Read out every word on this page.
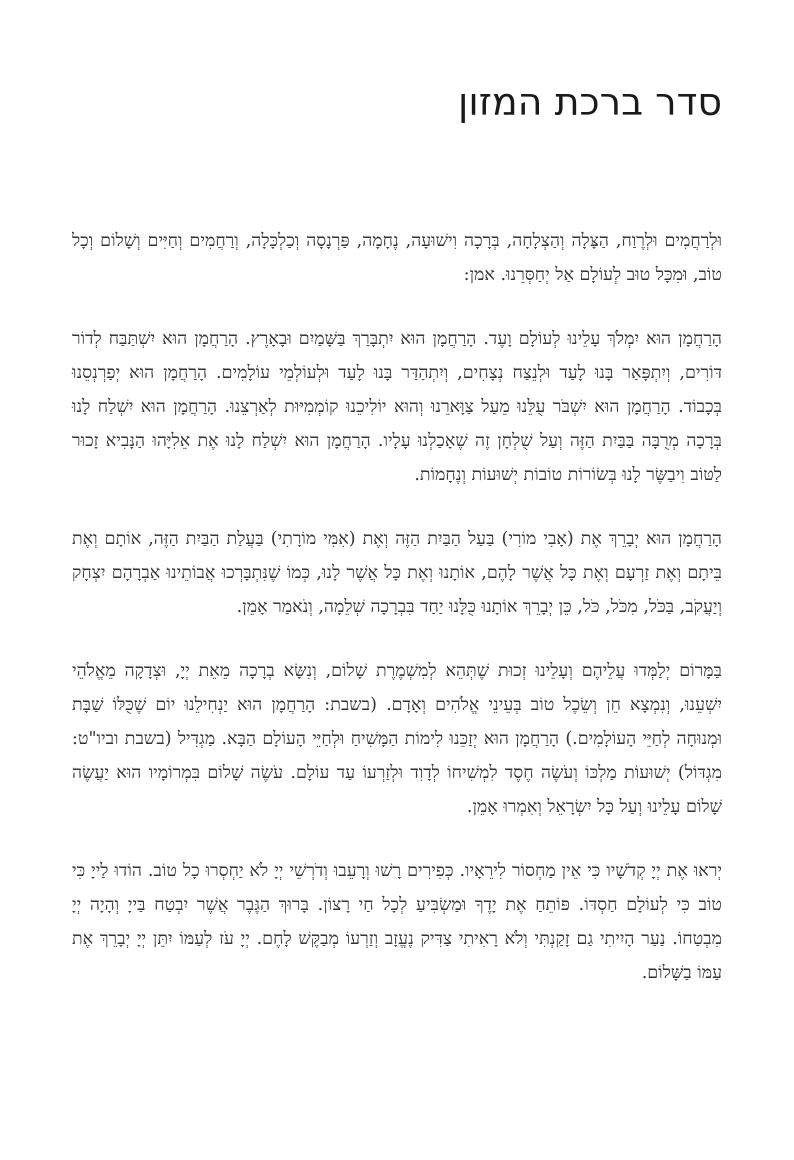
סדר ברכת המזון

וּלְרַחֲמִים וּלְרֶוַח, הַצָּלָה וְהַצְלָחָה, בְּרָכָה וִישׁוּעָה, נֶחָמָה, פַּרְנָסָה וְכַלְכָּלָה, וְרַחֲמִים וְחַיִּים וְשָׁלוֹם וְכָל טוֹב, וּמִכָּל טוּב לְעוֹלָם אַל יְחַסְּרֵנוּ. אמן:

הָרַחֲמָן הוּא יִמְלֹךְ עָלֵינוּ לְעוֹלָם וָעֶד. הָרַחֲמָן הוּא יִתְבָּרַךְ בַּשָּׁמַיִם וּבָאָרֶץ. הָרַחֲמָן הוּא יִשְׁתַּבַּח לְדוֹר דּוֹרִים, וְיִתְפָּאַר בָּנוּ לָעַד וּלְנֵצַח נְצָחִים, וְיִתְהַדַּר בָּנוּ לָעַד וּלְעוֹלְמֵי עוֹלָמִים. הָרַחֲמָן הוּא יְפַרְנְסֵנוּ בְּכָבוֹד. הָרַחֲמָן הוּא יִשְׁבֹּר עֻלֵּנוּ מֵעַל צַוָּארֵנוּ וְהוּא יוֹלִיכֵנוּ קוֹמְמִיּוּת לְאַרְצֵנוּ. הָרַחֲמָן הוּא יִשְׁלַח לָנוּ בְּרָכָה מְרֻבָּה בַּבַּיִת הַזֶּה וְעַל שֻׁלְחָן זֶה שֶׁאָכַלְנוּ עָלָיו. הָרַחֲמָן הוּא יִשְׁלַח לָנוּ אֶת אֵלִיָּהוּ הַנָּבִיא זָכוּר לַטּוֹב וִיבַשֶּׂר לָנוּ בְּשׂוֹרוֹת טוֹבוֹת יְשׁוּעוֹת וְנֶחָמוֹת.

הָרַחֲמָן הוּא יְבָרֵךְ אֶת (אָבִי מוֹרִי) בַּעַל הַבַּיִת הַזֶּה וְאֶת (אִמִּי מוֹרָתִי) בַּעֲלַת הַבַּיִת הַזֶּה, אוֹתָם וְאֶת בֵּיתָם וְאֶת זַרְעָם וְאֶת כָּל אֲשֶׁר לָהֶם, אוֹתָנוּ וְאֶת כָּל אֲשֶׁר לָנוּ, כְּמוֹ שֶׁנִּתְבָּרְכוּ אֲבוֹתֵינוּ אַבְרָהָם יִצְחָק וְיַעֲקֹב, בַּכֹּל, מִכֹּל, כֹּל, כֵּן יְבָרֵךְ אוֹתָנוּ כֻּלָּנוּ יַחַד בִּבְרָכָה שְׁלֵמָה, וְנֹאמַר אָמֵן.

בַּמָּרוֹם יְלַמְּדוּ עֲלֵיהֶם וְעָלֵינוּ זְכוּת שֶׁתְּהֵא לְמִשְׁמֶרֶת שָׁלוֹם, וְנִשָּׂא בְרָכָה מֵאֵת יְיָ, וּצְדָקָה מֵאֱלֹהֵי יִשְׁעֵנוּ, וְנִמְצָא חֵן וְשֵׂכֶל טוֹב בְּעֵינֵי אֱלֹהִים וְאָדָם. (בשבת: הָרַחֲמָן הוּא יַנְחִילֵנוּ יוֹם שֶׁכֻּלּוֹ שַׁבָּת וּמְנוּחָה לְחַיֵּי הָעוֹלָמִים.) הָרַחֲמָן הוּא יְזַכֵּנוּ לִימוֹת הַמָּשִׁיחַ וּלְחַיֵּי הָעוֹלָם הַבָּא. מַגְדִּיל (בשבת וביו"ט: מִגְדּוֹל) יְשׁוּעוֹת מַלְכּוֹ וְעֹשֶׂה חֶסֶד לִמְשִׁיחוֹ לְדָוִד וּלְזַרְעוֹ עַד עוֹלָם. עֹשֶׂה שָׁלוֹם בִּמְרוֹמָיו הוּא יַעֲשֶׂה שָׁלוֹם עָלֵינוּ וְעַל כָּל יִשְׂרָאֵל וְאִמְרוּ אָמֵן.

יְראוּ אֶת יְיָ קְדֹשָׁיו כִּי אֵין מַחְסוֹר לִירֵאָיו. כְּפִירִים רָשׁוּ וְרָעֵבוּ וְדֹרְשֵׁי יְיָ לֹא יַחְסְרוּ כָל טוֹב. הוֹדוּ לַייָ כִּי טוֹב כִּי לְעוֹלָם חַסְדּוֹ. פּוֹתֵחַ אֶת יָדֶךָ וּמַשְׂבִּיעַ לְכָל חַי רָצוֹן. בָּרוּךְ הַגֶּבֶר אֲשֶׁר יִבְטַח בַּייָ וְהָיָה יְיָ מִבְטַחוֹ. נַעַר הָיִיתִי גַם זָקַנְתִּי וְלֹא רָאִיתִי צַדִּיק נֶעֱזָב וְזַרְעוֹ מְבַקֶּשׁ לָחֶם. יְיָ עֹז לְעַמּוֹ יִתֵּן יְיָ יְבָרֵךְ אֶת עַמּוֹ בַשָּׁלוֹם.
